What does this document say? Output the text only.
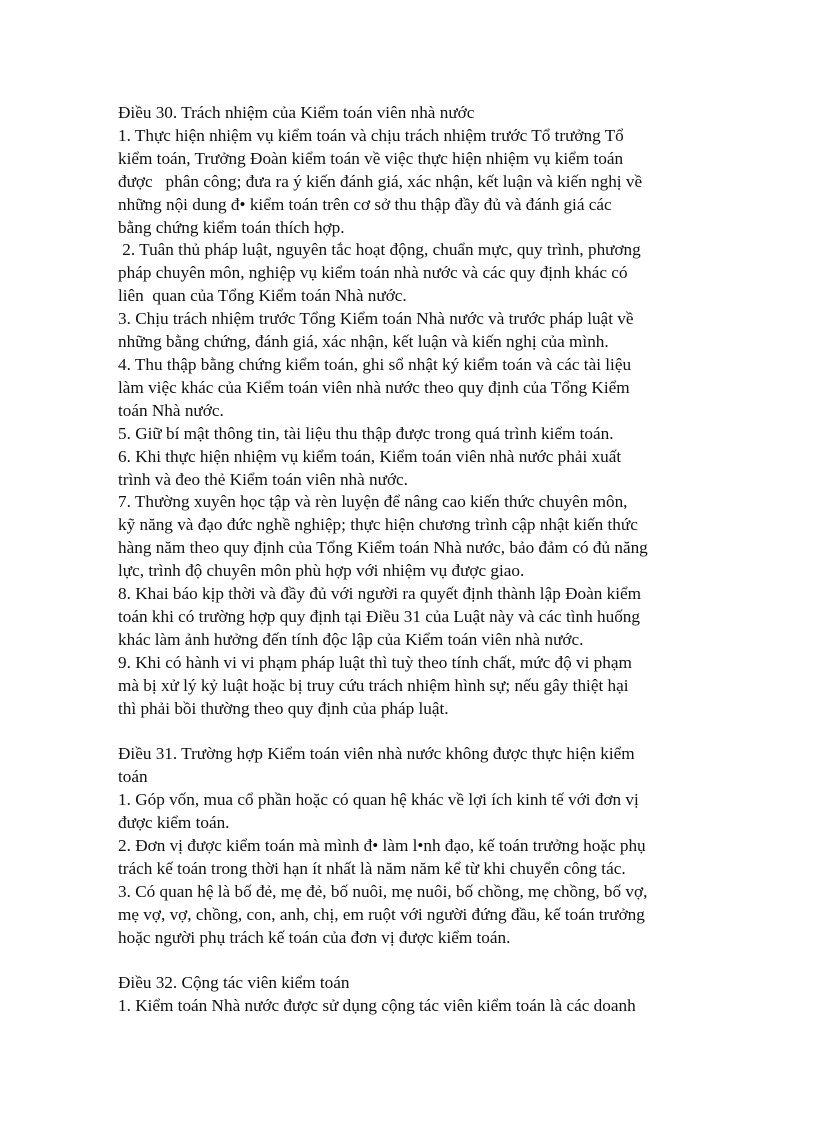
Điều 30. Trách nhiệm của Kiểm toán viên nhà nước

1. Thực hiện nhiệm vụ kiểm toán và chịu trách nhiệm trước Tổ trưởng Tổ
kiểm toán, Trưởng Đoàn kiểm toán về việc thực hiện nhiệm vụ kiểm toán
được   phân công; đưa ra ý kiến đánh giá, xác nhận, kết luận và kiến nghị về
những nội dung đ• kiểm toán trên cơ sở thu thập đầy đủ và đánh giá các
bằng chứng kiểm toán thích hợp.

2. Tuân thủ pháp luật, nguyên tắc hoạt động, chuẩn mực, quy trình, phương
pháp chuyên môn, nghiệp vụ kiểm toán nhà nước và các quy định khác có
liên  quan của Tổng Kiểm toán Nhà nước.

3. Chịu trách nhiệm trước Tổng Kiểm toán Nhà nước và trước pháp luật về
những bằng chứng, đánh giá, xác nhận, kết luận và kiến nghị của mình.

4. Thu thập bằng chứng kiểm toán, ghi sổ nhật ký kiểm toán và các tài liệu
làm việc khác của Kiểm toán viên nhà nước theo quy định của Tổng Kiểm
toán Nhà nước.

5. Giữ bí mật thông tin, tài liệu thu thập được trong quá trình kiểm toán.

6. Khi thực hiện nhiệm vụ kiểm toán, Kiểm toán viên nhà nước phải xuất
trình và đeo thẻ Kiểm toán viên nhà nước.

7. Thường xuyên học tập và rèn luyện để nâng cao kiến thức chuyên môn,
kỹ năng và đạo đức nghề nghiệp; thực hiện chương trình cập nhật kiến thức
hàng năm theo quy định của Tổng Kiểm toán Nhà nước, bảo đảm có đủ năng
lực, trình độ chuyên môn phù hợp với nhiệm vụ được giao.

8. Khai báo kịp thời và đầy đủ với người ra quyết định thành lập Đoàn kiểm
toán khi có trường hợp quy định tại Điều 31 của Luật này và các tình huống
khác làm ảnh hưởng đến tính độc lập của Kiểm toán viên nhà nước.

9. Khi có hành vi vi phạm pháp luật thì tuỳ theo tính chất, mức độ vi phạm
mà bị xử lý kỷ luật hoặc bị truy cứu trách nhiệm hình sự; nếu gây thiệt hại
thì phải bồi thường theo quy định của pháp luật.

Điều 31. Trường hợp Kiểm toán viên nhà nước không được thực hiện kiểm
toán

1. Góp vốn, mua cổ phần hoặc có quan hệ khác về lợi ích kinh tế với đơn vị
được kiểm toán.

2. Đơn vị được kiểm toán mà mình đ• làm l•nh đạo, kế toán trưởng hoặc phụ
trách kế toán trong thời hạn ít nhất là năm năm kể từ khi chuyển công tác.

3. Có quan hệ là bố đẻ, mẹ đẻ, bố nuôi, mẹ nuôi, bố chồng, mẹ chồng, bố vợ,
mẹ vợ, vợ, chồng, con, anh, chị, em ruột với người đứng đầu, kế toán trưởng
hoặc người phụ trách kế toán của đơn vị được kiểm toán.

Điều 32. Cộng tác viên kiểm toán

1. Kiểm toán Nhà nước được sử dụng cộng tác viên kiểm toán là các doanh
